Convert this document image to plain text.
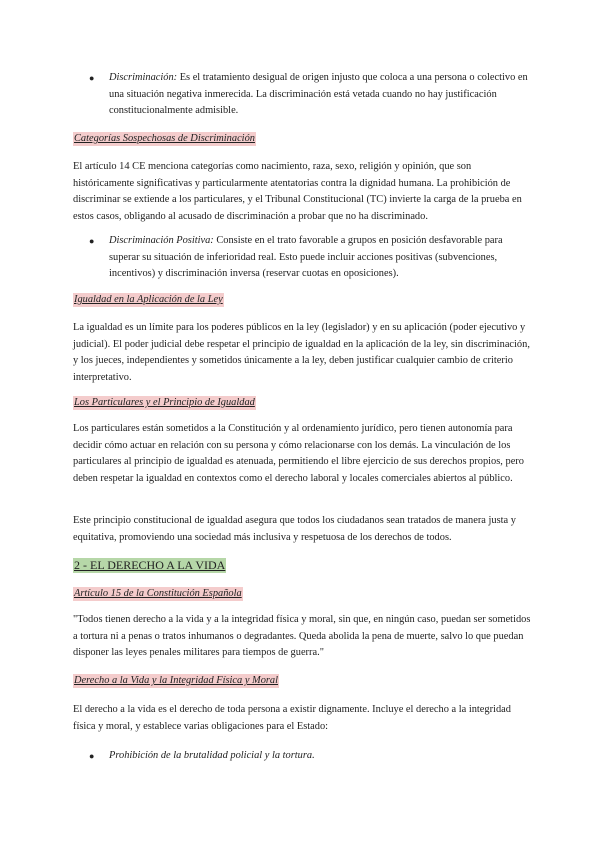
● Discriminación: Es el tratamiento desigual de origen injusto que coloca a una persona o colectivo en una situación negativa inmerecida. La discriminación está vetada cuando no hay justificación constitucionalmente admisible.
Categorías Sospechosas de Discriminación

El artículo 14 CE menciona categorías como nacimiento, raza, sexo, religión y opinión, que son históricamente significativas y particularmente atentatorias contra la dignidad humana. La prohibición de discriminar se extiende a los particulares, y el Tribunal Constitucional (TC) invierte la carga de la prueba en estos casos, obligando al acusado de discriminación a probar que no ha discriminado.

● Discriminación Positiva: Consiste en el trato favorable a grupos en posición desfavorable para superar su situación de inferioridad real. Esto puede incluir acciones positivas (subvenciones, incentivos) y discriminación inversa (reservar cuotas en oposiciones).
Igualdad en la Aplicación de la Ley

La igualdad es un límite para los poderes públicos en la ley (legislador) y en su aplicación (poder ejecutivo y judicial). El poder judicial debe respetar el principio de igualdad en la aplicación de la ley, sin discriminación, y los jueces, independientes y sometidos únicamente a la ley, deben justificar cualquier cambio de criterio interpretativo.

Los Particulares y el Principio de Igualdad

Los particulares están sometidos a la Constitución y al ordenamiento jurídico, pero tienen autonomía para decidir cómo actuar en relación con su persona y cómo relacionarse con los demás. La vinculación de los particulares al principio de igualdad es atenuada, permitiendo el libre ejercicio de sus derechos propios, pero deben respetar la igualdad en contextos como el derecho laboral y locales comerciales abiertos al público.

Este principio constitucional de igualdad asegura que todos los ciudadanos sean tratados de manera justa y equitativa, promoviendo una sociedad más inclusiva y respetuosa de los derechos de todos.

2 - EL DERECHO A LA VIDA
Artículo 15 de la Constitución Española

"Todos tienen derecho a la vida y a la integridad física y moral, sin que, en ningún caso, puedan ser sometidos a tortura ni a penas o tratos inhumanos o degradantes. Queda abolida la pena de muerte, salvo lo que puedan disponer las leyes penales militares para tiempos de guerra."

Derecho a la Vida y la Integridad Física y Moral

El derecho a la vida es el derecho de toda persona a existir dignamente. Incluye el derecho a la integridad física y moral, y establece varias obligaciones para el Estado:

● Prohibición de la brutalidad policial y la tortura.
